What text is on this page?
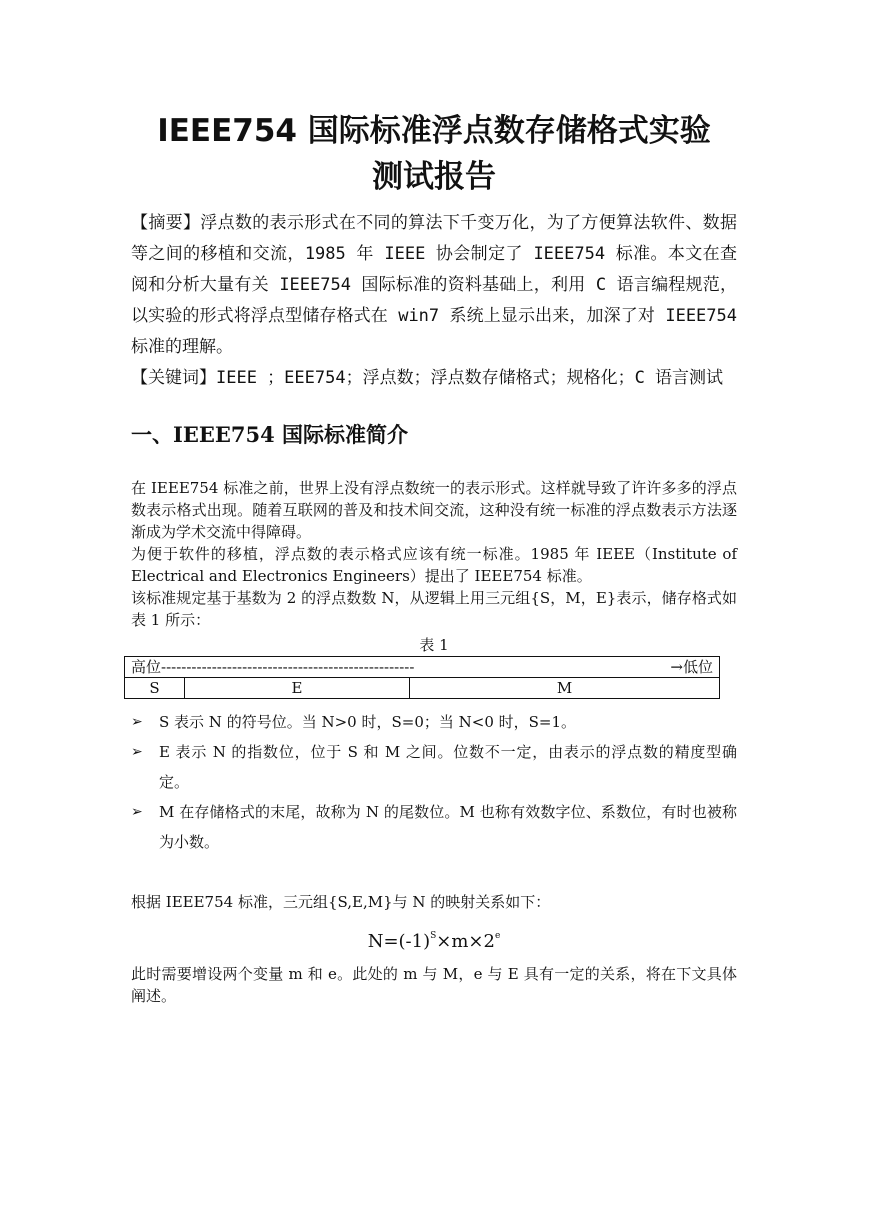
IEEE754 国际标准浮点数存储格式实验
测试报告

【摘要】浮点数的表示形式在不同的算法下千变万化，为了方便算法软件、数据等之间的移植和交流，1985 年 IEEE 协会制定了 IEEE754 标准。本文在查阅和分析大量有关 IEEE754 国际标准的资料基础上，利用 C 语言编程规范，以实验的形式将浮点型储存格式在 win7 系统上显示出来，加深了对 IEEE754 标准的理解。

【关键词】IEEE ；EEE754；浮点数；浮点数存储格式；规格化；C 语言测试

一、IEEE754 国际标准简介

在 IEEE754 标准之前，世界上没有浮点数统一的表示形式。这样就导致了许许多多的浮点数表示格式出现。随着互联网的普及和技术间交流，这种没有统一标准的浮点数表示方法逐渐成为学术交流中得障碍。

为便于软件的移植，浮点数的表示格式应该有统一标准。1985 年 IEEE（Institute of Electrical and Electronics Engineers）提出了 IEEE754 标准。

该标准规定基于基数为 2 的浮点数数 N，从逻辑上用三元组{S，M，E}表示，储存格式如表 1 所示：

表 1

高位 --------------------------------------------------	→低位

S	E	M
➢ S 表示 N 的符号位。当 N>0 时，S=0；当 N<0 时，S=1。
➢ E 表示 N 的指数位，位于 S 和 M 之间。位数不一定，由表示的浮点数的精度型确定。
➢ M 在存储格式的末尾，故称为 N 的尾数位。M 也称有效数字位、系数位，有时也被称为小数。

根据 IEEE754 标准，三元组{S,E,M}与 N 的映射关系如下：

$N=(-1)^S\times m\times 2^e$

此时需要增设两个变量 m 和 e。此处的 m 与 M，e 与 E 具有一定的关系，将在下文具体阐述。
